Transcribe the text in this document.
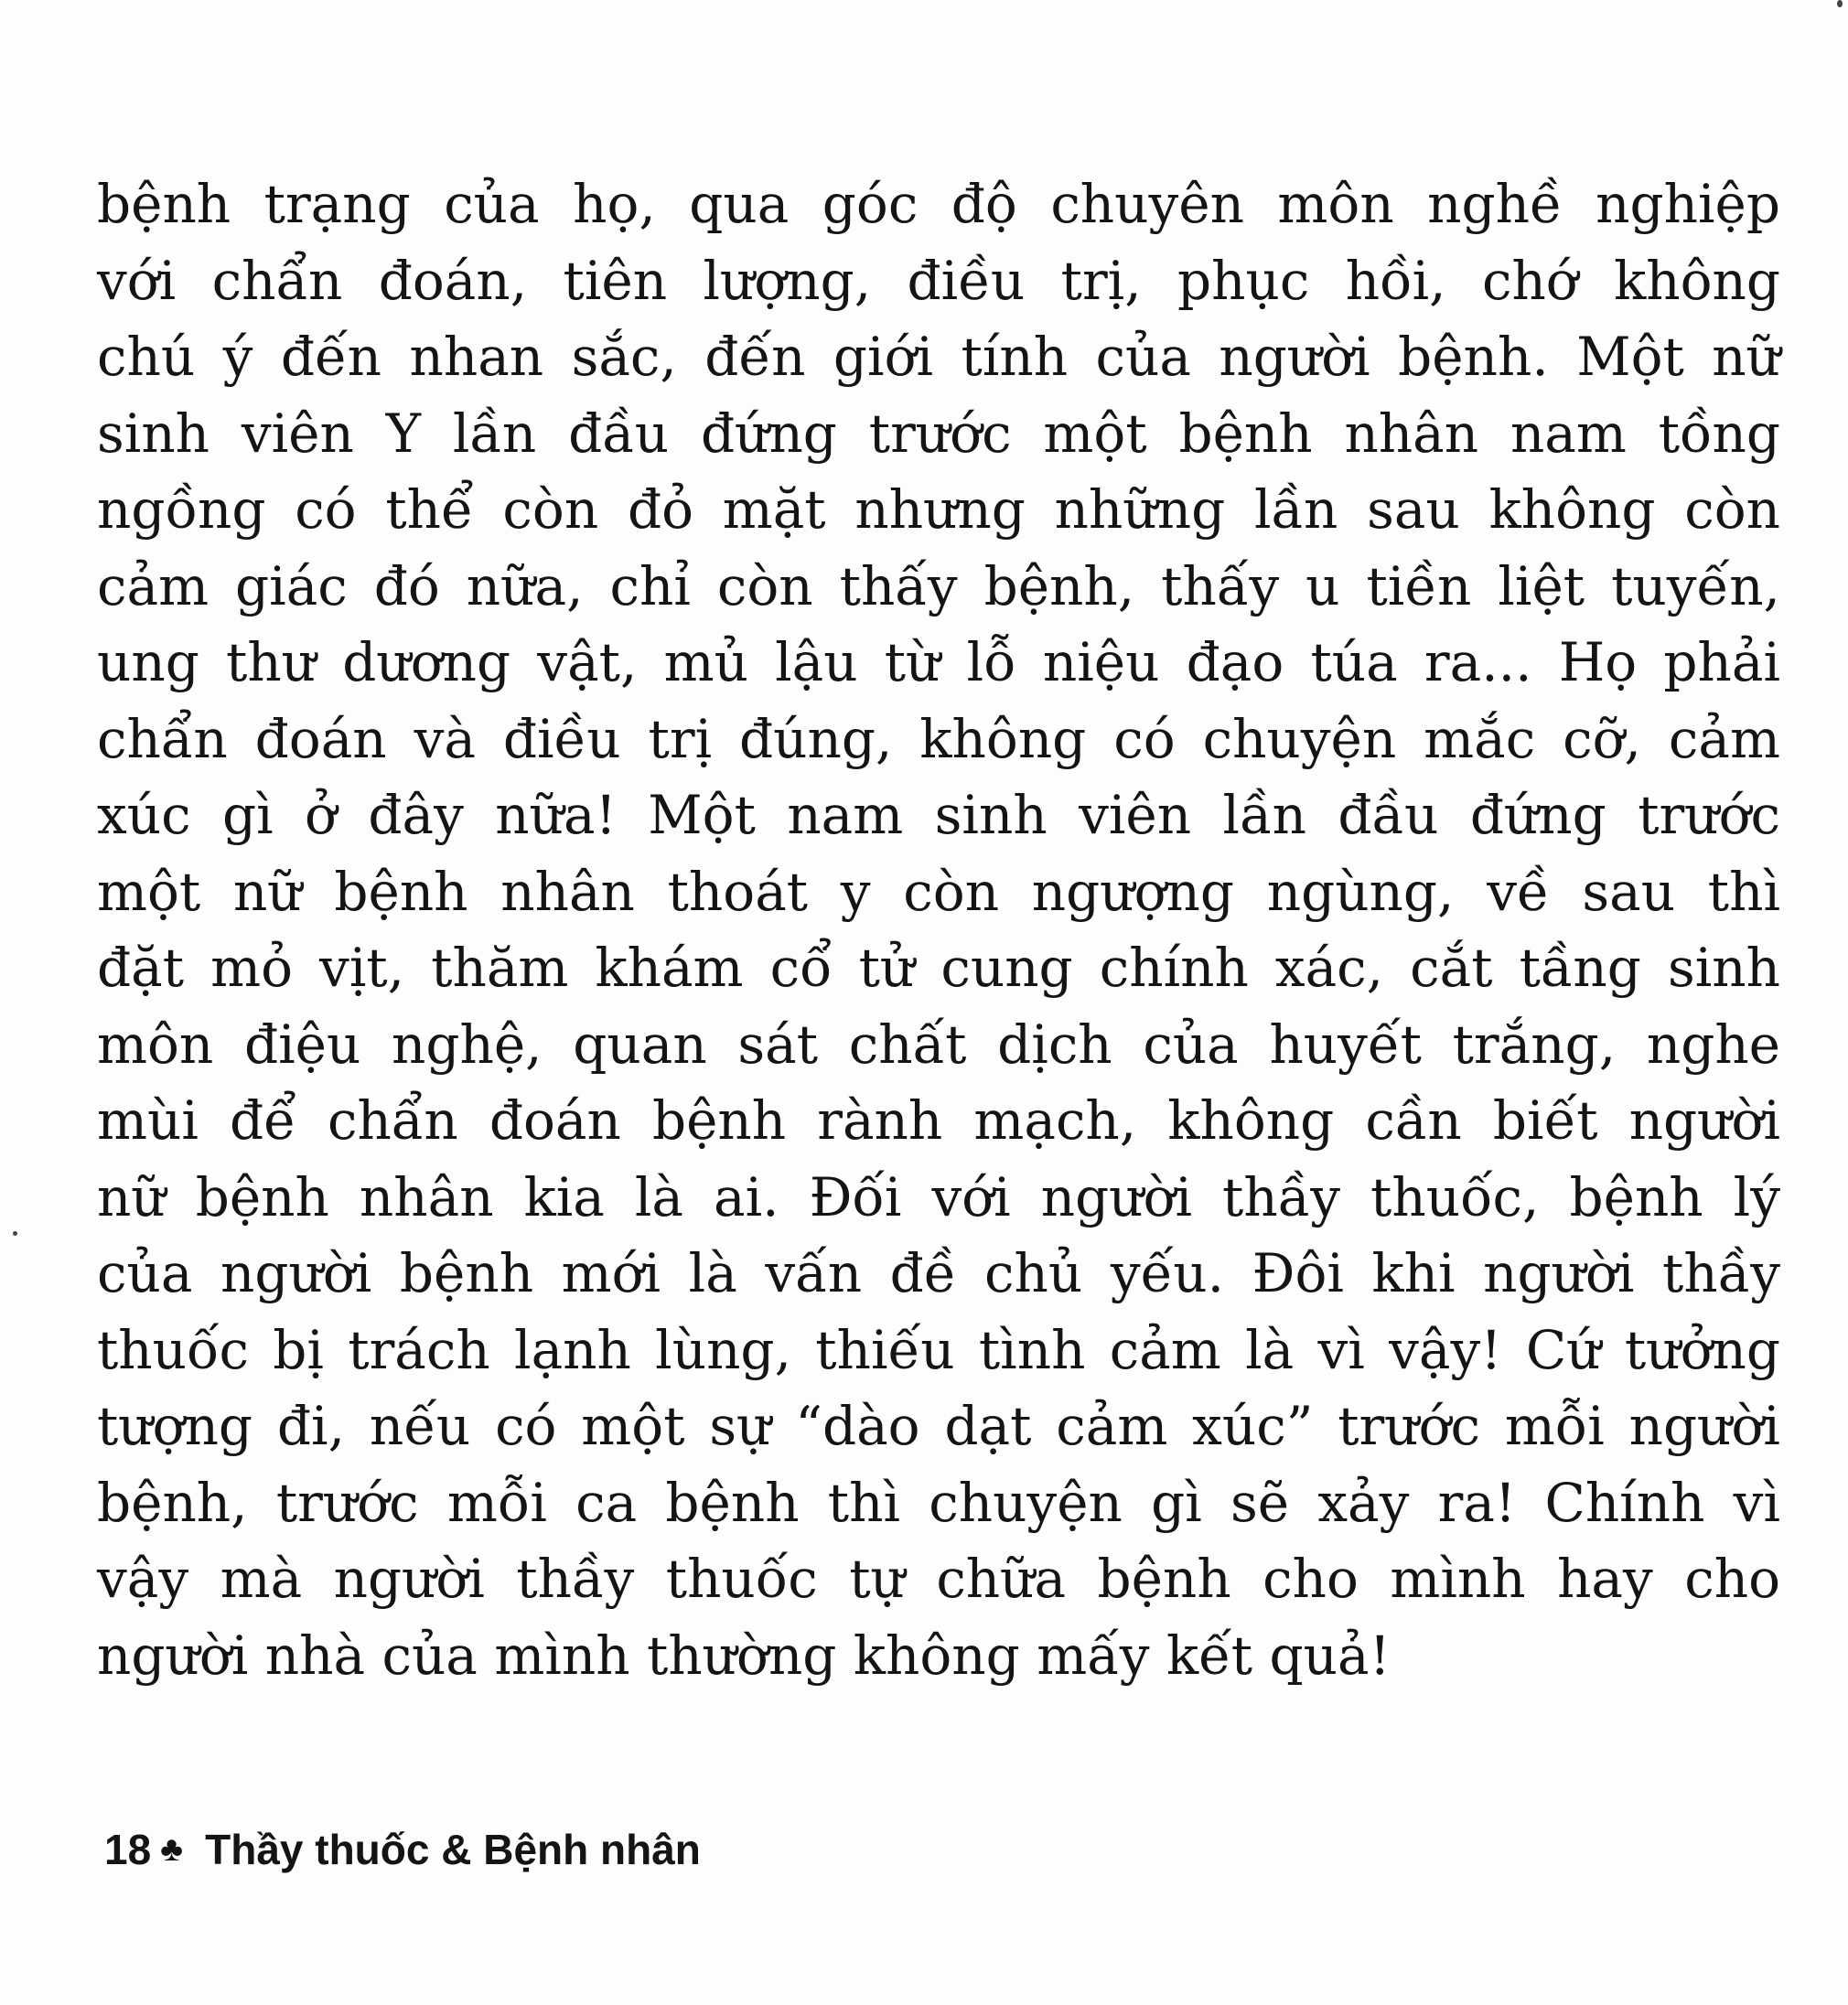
bệnh trạng của họ, qua góc độ chuyên môn nghề nghiệp
với chẩn đoán, tiên lượng, điều trị, phục hồi, chớ không
chú ý đến nhan sắc, đến giới tính của người bệnh. Một nữ
sinh viên Y lần đầu đứng trước một bệnh nhân nam tồng
ngồng có thể còn đỏ mặt nhưng những lần sau không còn
cảm giác đó nữa, chỉ còn thấy bệnh, thấy u tiền liệt tuyến,
ung thư dương vật, mủ lậu từ lỗ niệu đạo túa ra... Họ phải
chẩn đoán và điều trị đúng, không có chuyện mắc cỡ, cảm
xúc gì ở đây nữa! Một nam sinh viên lần đầu đứng trước
một nữ bệnh nhân thoát y còn ngượng ngùng, về sau thì
đặt mỏ vịt, thăm khám cổ tử cung chính xác, cắt tầng sinh
môn điệu nghệ, quan sát chất dịch của huyết trắng, nghe
mùi để chẩn đoán bệnh rành mạch, không cần biết người
nữ bệnh nhân kia là ai. Đối với người thầy thuốc, bệnh lý
của người bệnh mới là vấn đề chủ yếu. Đôi khi người thầy
thuốc bị trách lạnh lùng, thiếu tình cảm là vì vậy! Cứ tưởng
tượng đi, nếu có một sự “dào dạt cảm xúc” trước mỗi người
bệnh, trước mỗi ca bệnh thì chuyện gì sẽ xảy ra! Chính vì
vậy mà người thầy thuốc tự chữa bệnh cho mình hay cho
người nhà của mình thường không mấy kết quả!
18 ♣ Thầy thuốc & Bệnh nhân
